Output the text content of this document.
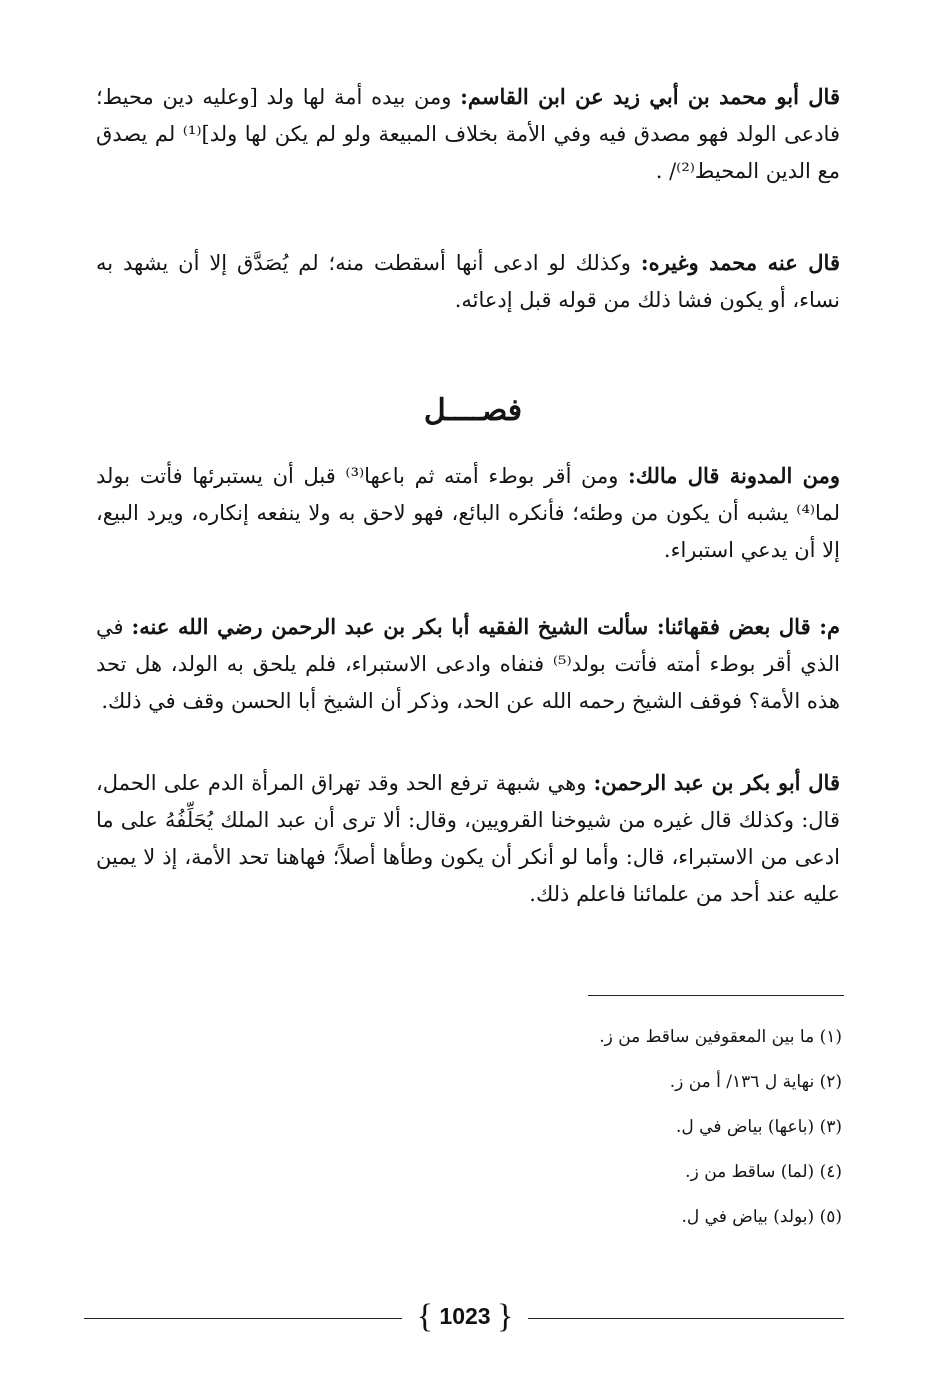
قال أبو محمد بن أبي زيد عن ابن القاسم: ومن بيده أمة لها ولد [وعليه دين محيط؛ فادعى الولد فهو مصدق فيه وفي الأمة بخلاف المبيعة ولو لم يكن لها ولد]⁽¹⁾ لم يصدق مع الدين المحيط⁽²⁾/ .
قال عنه محمد وغيره: وكذلك لو ادعى أنها أسقطت منه؛ لم يُصَدَّق إلا أن يشهد به نساء، أو يكون فشا ذلك من قوله قبل إدعائه.
فصــــل
ومن المدونة قال مالك: ومن أقر بوطء أمته ثم باعها⁽³⁾ قبل أن يستبرئها فأتت بولد لما⁽⁴⁾ يشبه أن يكون من وطئه؛ فأنكره البائع، فهو لاحق به ولا ينفعه إنكاره، ويرد البيع، إلا أن يدعي استبراء.
م: قال بعض فقهائنا: سألت الشيخ الفقيه أبا بكر بن عبد الرحمن رضي الله عنه: في الذي أقر بوطء أمته فأتت بولد⁽⁵⁾ فنفاه وادعى الاستبراء، فلم يلحق به الولد، هل تحد هذه الأمة؟ فوقف الشيخ رحمه الله عن الحد، وذكر أن الشيخ أبا الحسن وقف في ذلك.
قال أبو بكر بن عبد الرحمن: وهي شبهة ترفع الحد وقد تهراق المرأة الدم على الحمل، قال: وكذلك قال غيره من شيوخنا القرويين، وقال: ألا ترى أن عبد الملك يُحَلِّفُهُ على ما ادعى من الاستبراء، قال: وأما لو أنكر أن يكون وطأها أصلاً؛ فهاهنا تحد الأمة، إذ لا يمين عليه عند أحد من علمائنا فاعلم ذلك.
(١) ما بين المعقوفين ساقط من ز.
(٢) نهاية ل ١٣٦/ أ من ز.
(٣) (باعها) بياض في ل.
(٤) (لما) ساقط من ز.
(٥) (بولد) بياض في ل.
{ 1023 }
